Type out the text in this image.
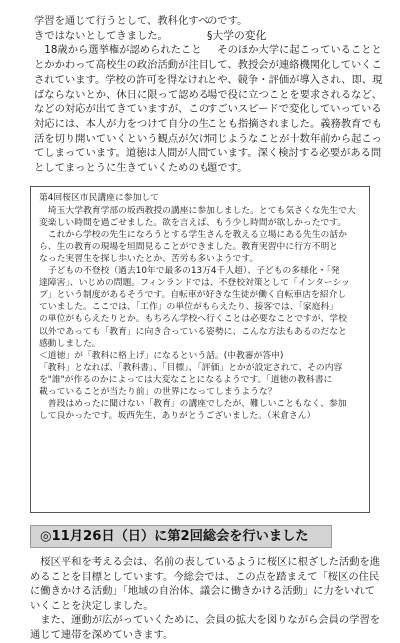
学習を通じて行うとして、教科化すべ

きではないとしてきました。

　18歳から選挙権が認められたこと

とかかわって高校生の政治活動が注目

されています。学校の許可を得なけれ

ばならないとか、休日に限って認める

などの対応が出てきていますが、この

対応には、本人が力をつけて自分の生

活を切り開いていくという観点が欠け

てしまっています。道徳は人間が人間

としてまっとうに生きていくためのも

のです。

§大学の変化

　そのほか大学に起こっていることと

して、教授会が連絡機関化していくこ

とや、競争・評価が導入され、即、現

場で役に立つことを要求されるなど、

すごいスピードで変化していっている

ことも指摘されました。義務教育でも

同じようなことが十数年前から起こっ

ています。深く検討する必要がある問

題です。

第4回桜区市民講座に参加して

　埼玉大学教育学部の坂西教授の講座に参加しました。とても気さくな先生で大

変楽しい時間を過ごせました。欲を言えば、もう少し時間が欲しかったです。

　これから学校の先生になろうとする学生さんを教える立場にある先生の話か

ら、生の教育の現場を垣間見ることができました。教育実習中に行方不明と

なった実習生を探し歩いたとか、苦労も多いようです。

　子どもの不登校（過去10年で最多の13万4千人超）、子どもの多様化・「発

達障害」、いじめの問題。フィンランドでは、不登校対策として「インターシッ

プ」という制度があるそうです。自転車が好きな生徒が働く自転車店を紹介し

ていました。ここでは、「工作」の単位がもらえたり、接客では、「家庭科」

の単位がもらえたりとか。もちろん学校へ行くことは必要なことですが、学校

以外であっても「教育」に向き合っている姿勢に、こんな方法もあるのだなと

感動しました。

＜道徳」が「教科に格上げ」になるという話。(中教審が答申)

「教科」となれば、「教科書」、「目標」、「評価」とかが設定されて、その内容

を"誰"が作るのかによっては大変なことになるようです。「道徳の教科書に

載っていることが当たり前」の世界になってしまうような？

　普段はめったに聞けない「教育」の講座でしたが、難しいこともなく、参加

して良かったです。坂西先生、ありがとうございました。（米倉さん）

◎11月26日（日）に第2回総会を行いました

　桜区平和を考える会は、名前の表しているように桜区に根ざした活動を進

めることを目標としています。今総会では、この点を踏まえて「桜区の住民

に働きかける活動」「地域の自治体、議会に働きかける活動」に力をいれて

いくことを決定しました。

　また、運動が広がっていくために、会員の拡大を図りながら会員の学習を

通じて連帯を深めていきます。
